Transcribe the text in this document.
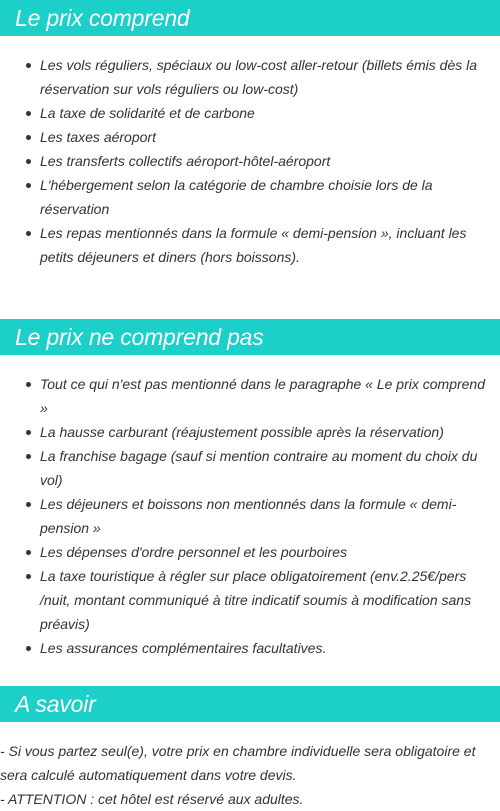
Le prix comprend
Les vols réguliers, spéciaux ou low-cost aller-retour (billets émis dès la réservation sur vols réguliers ou low-cost)
La taxe de solidarité et de carbone
Les taxes aéroport
Les transferts collectifs aéroport-hôtel-aéroport
L'hébergement selon la catégorie de chambre choisie lors de la réservation
Les repas mentionnés dans la formule « demi-pension », incluant les petits déjeuners et diners (hors boissons).
Le prix ne comprend pas
Tout ce qui n'est pas mentionné dans le paragraphe « Le prix comprend »
La hausse carburant (réajustement possible après la réservation)
La franchise bagage (sauf si mention contraire au moment du choix du vol)
Les déjeuners et boissons non mentionnés dans la formule « demi-pension »
Les dépenses d'ordre personnel et les pourboires
La taxe touristique à régler sur place obligatoirement (env.2.25€/pers /nuit, montant communiqué à titre indicatif soumis à modification sans préavis)
Les assurances complémentaires facultatives.
A savoir
- Si vous partez seul(e), votre prix en chambre individuelle sera obligatoire et sera calculé automatiquement dans votre devis.
- ATTENTION : cet hôtel est réservé aux adultes.
